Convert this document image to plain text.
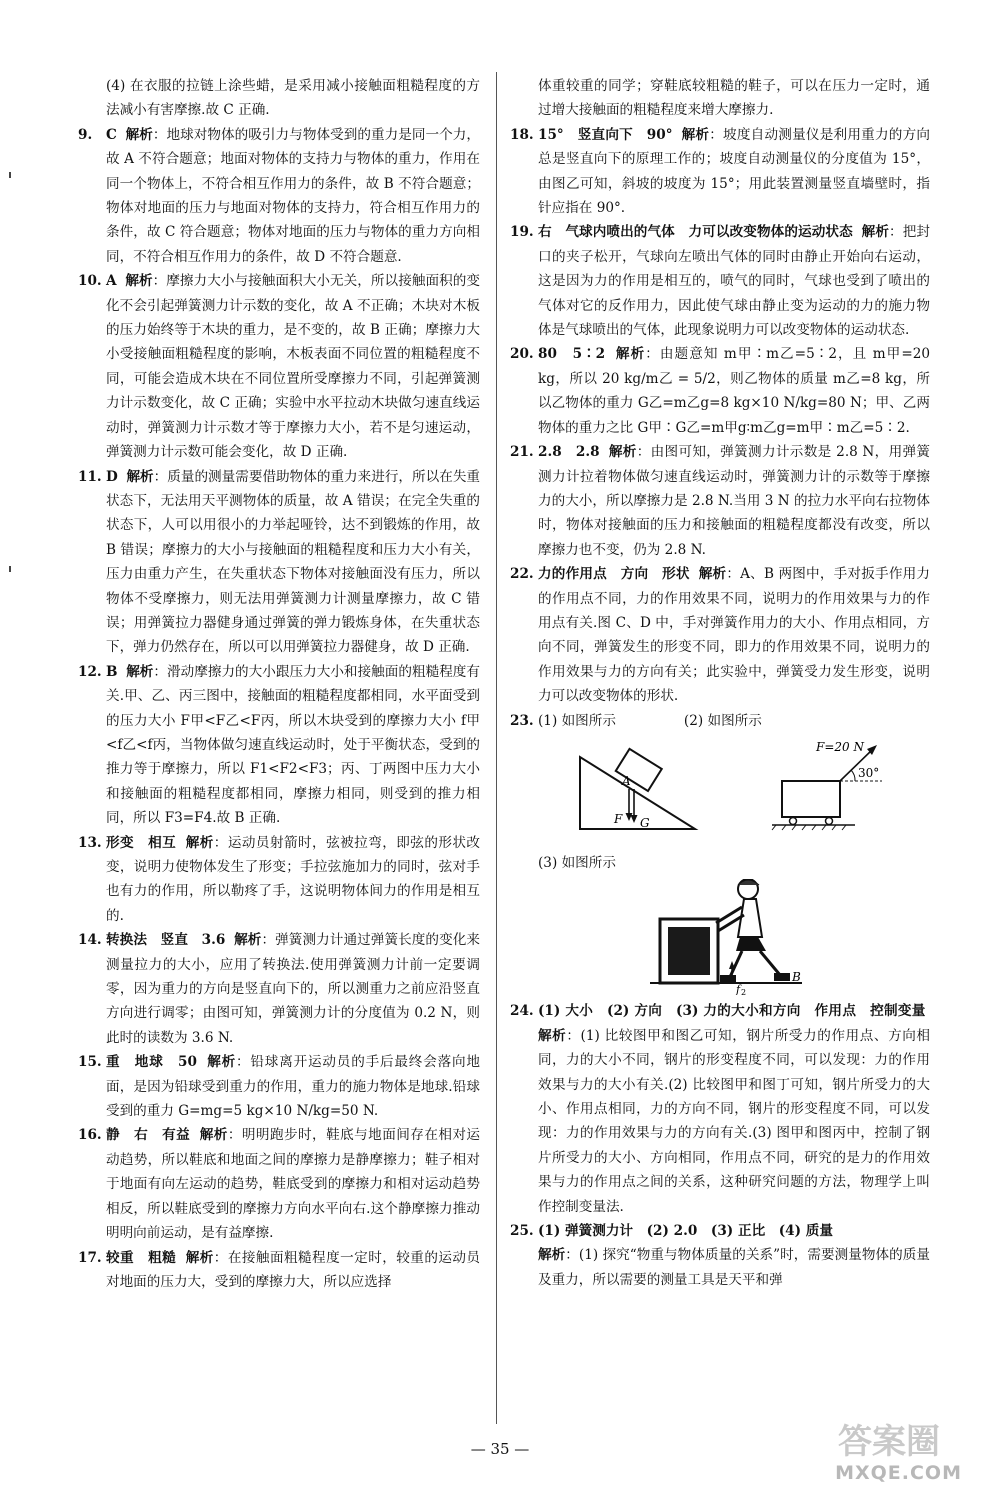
(4) 在衣服的拉链上涂些蜡，是采用减小接触面粗糙程度的方法减小有害摩擦.故 C 正确.

9. C 解析：地球对物体的吸引力与物体受到的重力是同一个力，故 A 不符合题意；地面对物体的支持力与物体的重力，作用在同一个物体上，不符合相互作用力的条件，故 B 不符合题意；物体对地面的压力与地面对物体的支持力，符合相互作用力的条件，故 C 符合题意；物体对地面的压力与物体的重力方向相同，不符合相互作用力的条件，故 D 不符合题意.

10. A 解析：摩擦力大小与接触面积大小无关，所以接触面积的变化不会引起弹簧测力计示数的变化，故 A 不正确；木块对木板的压力始终等于木块的重力，是不变的，故 B 正确；摩擦力大小受接触面粗糙程度的影响，木板表面不同位置的粗糙程度不同，可能会造成木块在不同位置所受摩擦力不同，引起弹簧测力计示数变化，故 C 正确；实验中水平拉动木块做匀速直线运动时，弹簧测力计示数才等于摩擦力大小，若不是匀速运动，弹簧测力计示数可能会变化，故 D 正确.

11. D 解析：质量的测量需要借助物体的重力来进行，所以在失重状态下，无法用天平测物体的质量，故 A 错误；在完全失重的状态下，人可以用很小的力举起哑铃，达不到锻炼的作用，故 B 错误；摩擦力的大小与接触面的粗糙程度和压力大小有关，压力由重力产生，在失重状态下物体对接触面没有压力，所以物体不受摩擦力，则无法用弹簧测力计测量摩擦力，故 C 错误；用弹簧拉力器健身通过弹簧的弹力锻炼身体，在失重状态下，弹力仍然存在，所以可以用弹簧拉力器健身，故 D 正确.

12. B 解析：滑动摩擦力的大小跟压力大小和接触面的粗糙程度有关.甲、乙、丙三图中，接触面的粗糙程度都相同，水平面受到的压力大小 F甲<F乙<F丙，所以木块受到的摩擦力大小 f甲<f乙<f丙，当物体做匀速直线运动时，处于平衡状态，受到的推力等于摩擦力，所以 F1<F2<F3；丙、丁两图中压力大小和接触面的粗糙程度都相同，摩擦力相同，则受到的推力相同，所以 F3=F4.故 B 正确.

13. 形变　相互 解析：运动员射箭时，弦被拉弯，即弦的形状改变，说明力使物体发生了形变；手拉弦施加力的同时，弦对手也有力的作用，所以勒疼了手，这说明物体间力的作用是相互的.

14. 转换法　竖直　3.6 解析：弹簧测力计通过弹簧长度的变化来测量拉力的大小，应用了转换法.使用弹簧测力计前一定要调零，因为重力的方向是竖直向下的，所以测重力之前应沿竖直方向进行调零；由图可知，弹簧测力计的分度值为 0.2 N，则此时的读数为 3.6 N.

15. 重　地球　50 解析：铅球离开运动员的手后最终会落向地面，是因为铅球受到重力的作用，重力的施力物体是地球.铅球受到的重力 G=mg=5 kg×10 N/kg=50 N.

16. 静　右　有益 解析：明明跑步时，鞋底与地面间存在相对运动趋势，所以鞋底和地面之间的摩擦力是静摩擦力；鞋子相对于地面有向左运动的趋势，鞋底受到的摩擦力和相对运动趋势相反，所以鞋底受到的摩擦力方向水平向右.这个静摩擦力推动明明向前运动，是有益摩擦.

17. 较重　粗糙 解析：在接触面粗糙程度一定时，较重的运动员对地面的压力大，受到的摩擦力大，所以应选择

体重较重的同学；穿鞋底较粗糙的鞋子，可以在压力一定时，通过增大接触面的粗糙程度来增大摩擦力.

18. 15°　竖直向下　90° 解析：坡度自动测量仪是利用重力的方向总是竖直向下的原理工作的；坡度自动测量仪的分度值为 15°，由图乙可知，斜坡的坡度为 15°；用此装置测量竖直墙壁时，指针应指在 90°.

19. 右　气球内喷出的气体　力可以改变物体的运动状态 解析：把封口的夹子松开，气球向左喷出气体的同时由静止开始向右运动，这是因为力的作用是相互的，喷气的同时，气球也受到了喷出的气体对它的反作用力，因此使气球由静止变为运动的力的施力物体是气球喷出的气体，此现象说明力可以改变物体的运动状态.

20. 80　5∶2 解析：由题意知 m甲∶m乙=5∶2，且 m甲=20 kg，所以 20 kg/m乙 = 5/2，则乙物体的质量 m乙=8 kg，所以乙物体的重力 G乙=m乙g=8 kg×10 N/kg=80 N；甲、乙两物体的重力之比 G甲∶G乙=m甲g∶m乙g=m甲∶m乙=5∶2.

21. 2.8　2.8 解析：由图可知，弹簧测力计示数是 2.8 N，用弹簧测力计拉着物体做匀速直线运动时，弹簧测力计的示数等于摩擦力的大小，所以摩擦力是 2.8 N.当用 3 N 的拉力水平向右拉物体时，物体对接触面的压力和接触面的粗糙程度都没有改变，所以摩擦力也不变，仍为 2.8 N.

22. 力的作用点　方向　形状 解析：A、B 两图中，手对扳手作用力的作用点不同，力的作用效果不同，说明力的作用效果与力的作用点有关.图 C、D 中，手对弹簧作用力的大小、作用点相同，方向不同，弹簧发生的形变不同，即力的作用效果不同，说明力的作用效果与力的方向有关；此实验中，弹簧受力发生形变，说明力可以改变物体的形状.

23. (1) 如图所示　　　　　(2) 如图所示

A
F G
F=20 N
30°

(3) 如图所示

f 2
B

24. (1) 大小　(2) 方向　(3) 力的大小和方向　作用点　控制变量  解析：(1) 比较图甲和图乙可知，钢片所受力的作用点、方向相同，力的大小不同，钢片的形变程度不同，可以发现：力的作用效果与力的大小有关.(2) 比较图甲和图丁可知，钢片所受力的大小、作用点相同，力的方向不同，钢片的形变程度不同，可以发现：力的作用效果与力的方向有关.(3) 图甲和图丙中，控制了钢片所受力的大小、方向相同，作用点不同，研究的是力的作用效果与力的作用点之间的关系，这种研究问题的方法，物理学上叫作控制变量法.

25. (1) 弹簧测力计　(2) 2.0　(3) 正比　(4) 质量
解析：(1) 探究“物重与物体质量的关系”时，需要测量物体的质量及重力，所以需要的测量工具是天平和弹

— 35 —	答案圈
MXQE.COM
